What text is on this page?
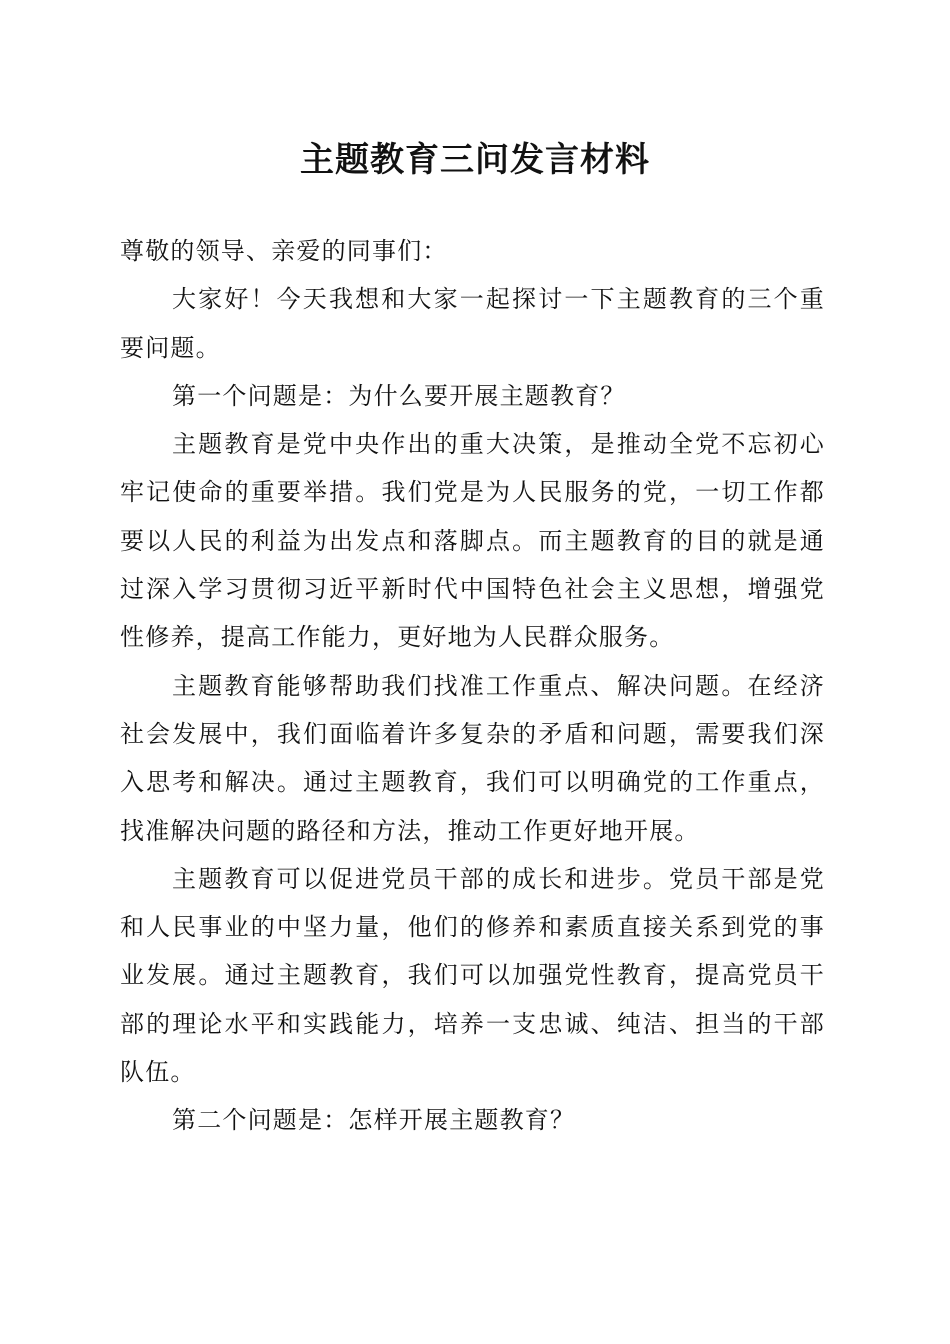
主题教育三问发言材料

尊敬的领导、亲爱的同事们：

大家好！今天我想和大家一起探讨一下主题教育的三个重要问题。

第一个问题是：为什么要开展主题教育？

主题教育是党中央作出的重大决策，是推动全党不忘初心牢记使命的重要举措。我们党是为人民服务的党，一切工作都要以人民的利益为出发点和落脚点。而主题教育的目的就是通过深入学习贯彻习近平新时代中国特色社会主义思想，增强党性修养，提高工作能力，更好地为人民群众服务。

主题教育能够帮助我们找准工作重点、解决问题。在经济社会发展中，我们面临着许多复杂的矛盾和问题，需要我们深入思考和解决。通过主题教育，我们可以明确党的工作重点，找准解决问题的路径和方法，推动工作更好地开展。

主题教育可以促进党员干部的成长和进步。党员干部是党和人民事业的中坚力量，他们的修养和素质直接关系到党的事业发展。通过主题教育，我们可以加强党性教育，提高党员干部的理论水平和实践能力，培养一支忠诚、纯洁、担当的干部队伍。

第二个问题是：怎样开展主题教育？
